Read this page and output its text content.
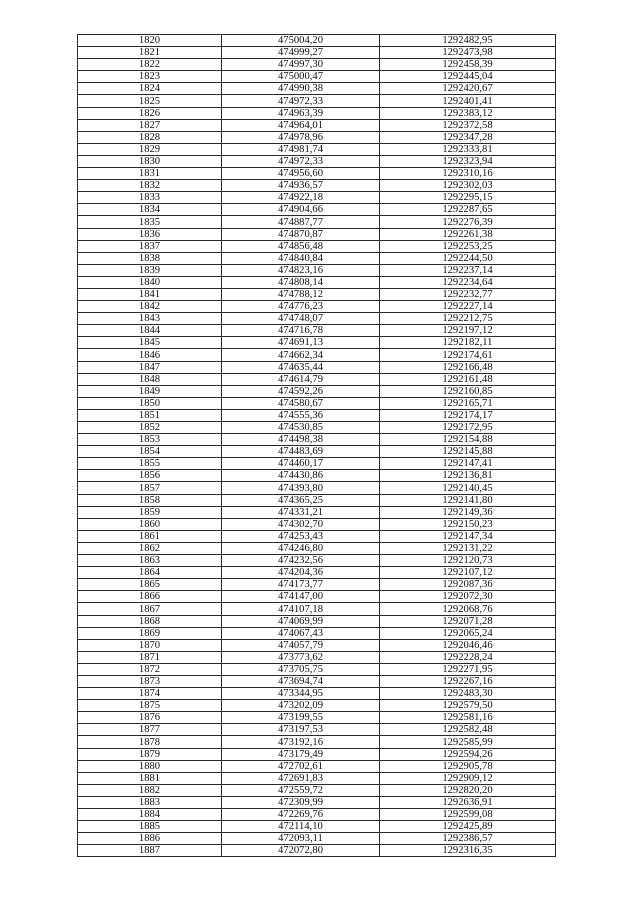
1820	475004,20	1292482,95
1821	474999,27	1292473,98
1822	474997,30	1292458,39
1823	475000,47	1292445,04
1824	474990,38	1292420,67
1825	474972,33	1292401,41
1826	474963,39	1292383,12
1827	474964,01	1292372,58
1828	474978,96	1292347,28
1829	474981,74	1292333,81
1830	474972,33	1292323,94
1831	474956,60	1292310,16
1832	474936,57	1292302,03
1833	474922,18	1292295,15
1834	474904,66	1292287,65
1835	474887,77	1292276,39
1836	474870,87	1292261,38
1837	474856,48	1292253,25
1838	474840,84	1292244,50
1839	474823,16	1292237,14
1840	474808,14	1292234,64
1841	474788,12	1292232,77
1842	474776,23	1292227,14
1843	474748,07	1292212,75
1844	474716,78	1292197,12
1845	474691,13	1292182,11
1846	474662,34	1292174,61
1847	474635,44	1292166,48
1848	474614,79	1292161,48
1849	474592,26	1292160,85
1850	474580,67	1292165,71
1851	474555,36	1292174,17
1852	474530,85	1292172,95
1853	474498,38	1292154,88
1854	474483,69	1292145,88
1855	474460,17	1292147,41
1856	474430,86	1292136,81
1857	474393,80	1292140,45
1858	474365,25	1292141,80
1859	474331,21	1292149,36
1860	474302,70	1292150,23
1861	474253,43	1292147,34
1862	474246,80	1292131,22
1863	474232,56	1292120,73
1864	474204,36	1292107,12
1865	474173,77	1292087,36
1866	474147,00	1292072,30
1867	474107,18	1292068,76
1868	474069,99	1292071,28
1869	474067,43	1292065,24
1870	474057,79	1292046,46
1871	473773,62	1292228,24
1872	473705,75	1292271,95
1873	473694,74	1292267,16
1874	473344,95	1292483,30
1875	473202,09	1292579,50
1876	473199,55	1292581,16
1877	473197,53	1292582,48
1878	473192,16	1292585,99
1879	473179,49	1292594,26
1880	472702,61	1292905,78
1881	472691,83	1292909,12
1882	472559,72	1292820,20
1883	472309,99	1292636,91
1884	472269,76	1292599,08
1885	472114,10	1292425,89
1886	472093,11	1292386,57
1887	472072,80	1292316,35
